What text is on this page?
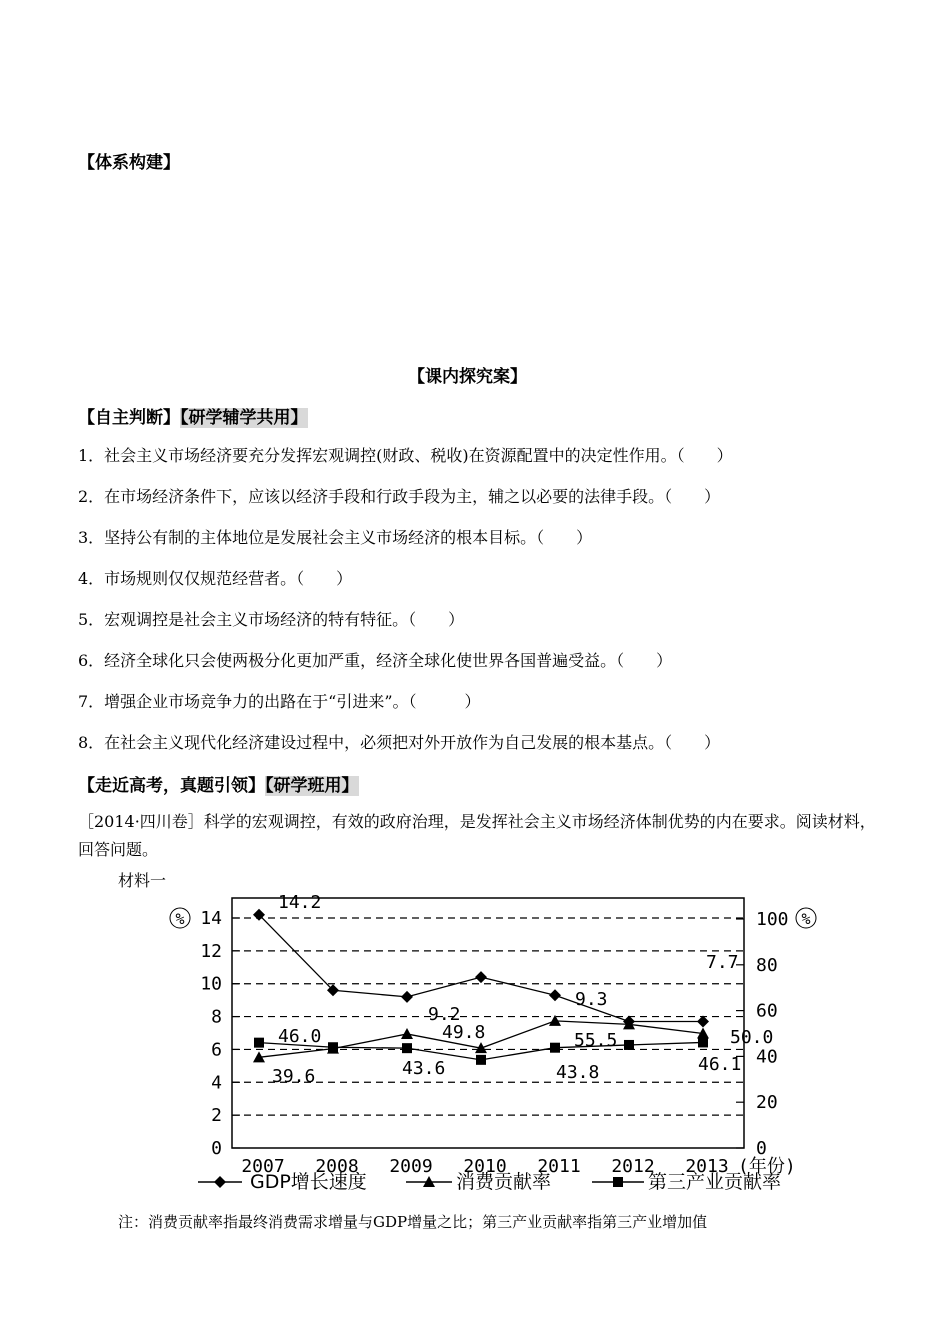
【体系构建】
【课内探究案】
【自主判断】【研学辅学共用】
1．社会主义市场经济要充分发挥宏观调控(财政、税收)在资源配置中的决定性作用。（　　）
2．在市场经济条件下，应该以经济手段和行政手段为主，辅之以必要的法律手段。（　　）
3．坚持公有制的主体地位是发展社会主义市场经济的根本目标。（　　）
4．市场规则仅仅规范经营者。（　　）
5．宏观调控是社会主义市场经济的特有特征。（　　）
6．经济全球化只会使两极分化更加严重，经济全球化使世界各国普遍受益。（　　）
7．增强企业市场竞争力的出路在于“引进来”。（　　　）
8．在社会主义现代化经济建设过程中，必须把对外开放作为自己发展的根本基点。（　　）
【走近高考，真题引领】【研学班用】
［2014·四川卷］科学的宏观调控，有效的政府治理，是发挥社会主义市场经济体制优势的内在要求。阅读材料，回答问题。
材料一
0
2
4
6
8
10
12
14
0
20
40
60
80
100
%	%
2007 2008 2009 2010 2011 2012 2013 (年份)
14.2
9.2
9.3
7.7
46.0	49.8	55.5	50.0
39.6	43.6	43.8	46.1
GDP增长速度	消费贡献率	第三产业贡献率
注：消费贡献率指最终消费需求增量与GDP增量之比；第三产业贡献率指第三产业增加值
